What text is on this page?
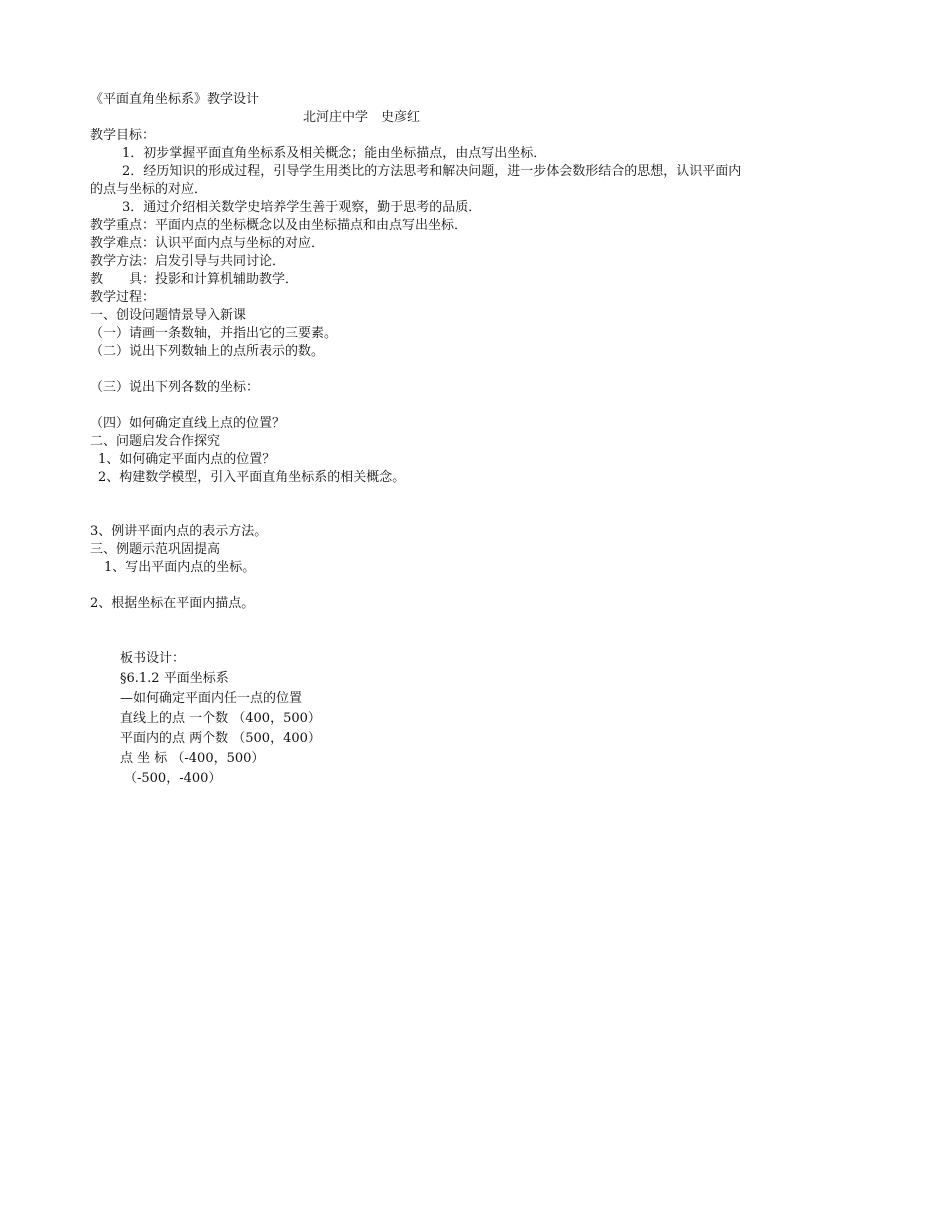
《平面直角坐标系》教学设计
北河庄中学　史彦红
教学目标：
1．初步掌握平面直角坐标系及相关概念；能由坐标描点，由点写出坐标．
2．经历知识的形成过程，引导学生用类比的方法思考和解决问题，进一步体会数形结合的思想，认识平面内
的点与坐标的对应．
3．通过介绍相关数学史培养学生善于观察，勤于思考的品质．
教学重点：平面内点的坐标概念以及由坐标描点和由点写出坐标．
教学难点：认识平面内点与坐标的对应．
教学方法：启发引导与共同讨论．
教　　具：投影和计算机辅助教学．
教学过程：
一、创设问题情景导入新课
（一）请画一条数轴，并指出它的三要素。
（二）说出下列数轴上的点所表示的数。
（三）说出下列各数的坐标：
（四）如何确定直线上点的位置？
二、问题启发合作探究
1、如何确定平面内点的位置？
2、构建数学模型，引入平面直角坐标系的相关概念。
3、例讲平面内点的表示方法。
三、例题示范巩固提高
1、写出平面内点的坐标。
2、根据坐标在平面内描点。
板书设计：
§6.1.2 平面坐标系
—如何确定平面内任一点的位置
直线上的点 一个数 （400，500）
平面内的点 两个数 （500，400）
点 坐 标 （-400，500）
（-500，-400）
